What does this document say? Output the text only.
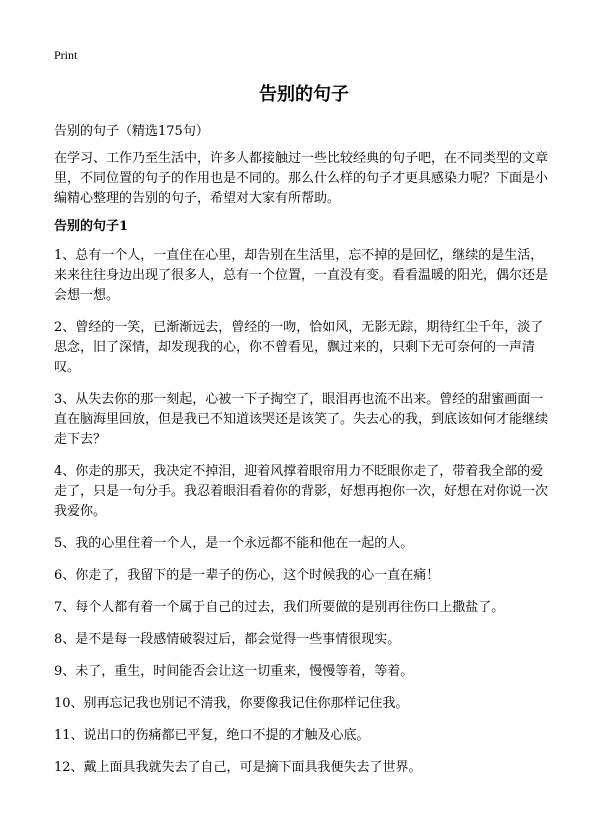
Print
告别的句子

告别的句子（精选175句）

在学习、工作乃至生活中，许多人都接触过一些比较经典的句子吧，在不同类型的文章里，不同位置的句子的作用也是不同的。那么什么样的句子才更具感染力呢？下面是小编精心整理的告别的句子，希望对大家有所帮助。

告别的句子1
1、总有一个人，一直住在心里，却告别在生活里，忘不掉的是回忆，继续的是生活，来来往往身边出现了很多人，总有一个位置，一直没有变。看看温暖的阳光，偶尔还是会想一想。
2、曾经的一笑，已渐渐远去，曾经的一吻，恰如风，无影无踪，期待红尘千年，淡了思念，旧了深情，却发现我的心，你不曾看见，飘过来的，只剩下无可奈何的一声清叹。
3、从失去你的那一刻起，心被一下子掏空了，眼泪再也流不出来。曾经的甜蜜画面一直在脑海里回放，但是我已不知道该哭还是该笑了。失去心的我，到底该如何才能继续走下去？
4、你走的那天，我决定不掉泪，迎着风撑着眼帘用力不眨眼你走了，带着我全部的爱走了，只是一句分手。我忍着眼泪看着你的背影，好想再抱你一次，好想在对你说一次我爱你。
5、我的心里住着一个人，是一个永远都不能和他在一起的人。
6、你走了，我留下的是一辈子的伤心，这个时候我的心一直在痛！
7、每个人都有着一个属于自己的过去，我们所要做的是别再往伤口上撒盐了。
8、是不是每一段感情破裂过后，都会觉得一些事情很现实。
9、未了，重生，时间能否会让这一切重来，慢慢等着，等着。
10、别再忘记我也别记不清我，你要像我记住你那样记住我。
11、说出口的伤痛都已平复，绝口不提的才触及心底。
12、戴上面具我就失去了自己，可是摘下面具我便失去了世界。
